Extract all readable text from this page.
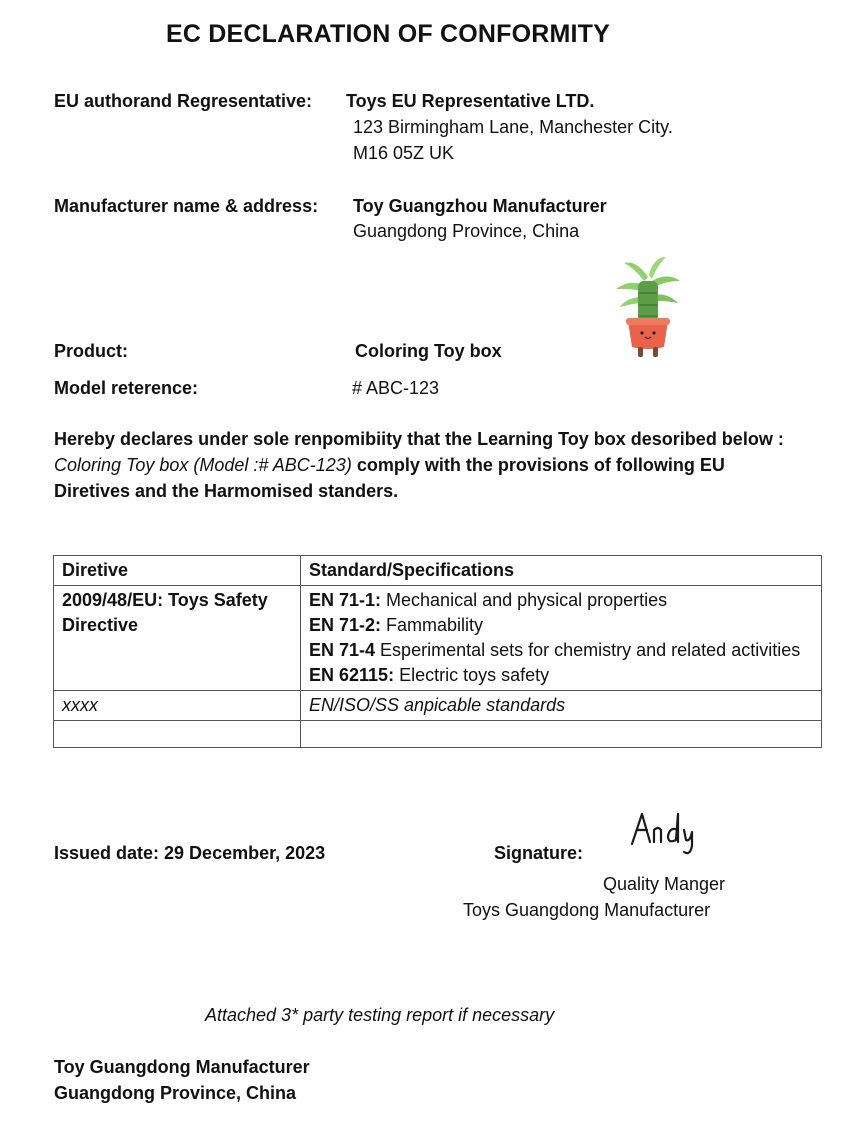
EC DECLARATION OF CONFORMITY
EU authorand Regresentative: Toys EU Representative LTD.
123 Birmingham Lane, Manchester City.
M16 05Z UK
Manufacturer name & address: Toy Guangzhou Manufacturer
Guangdong Province, China
Product:	Coloring Toy box
Model reterence:	# ABC-123
Hereby declares under sole renpomibiity that the Learning Toy box desoribed below : Coloring Toy box (Model :# ABC-123) comply with the provisions of following EU Diretives and the Harmomised standers.
Diretive	Standard/Specifications
2009/48/EU: Toys Safety Directive	EN 71-1: Mechanical and physical properties
EN 71-2: Fammability
EN 71-4 Esperimental sets for chemistry and related activities
EN 62115: Electric toys safety

xxxx	EN/ISO/SS anpicable standards

Issued date: 29 December, 2023	Signature:
Quality Manger
Toys Guangdong Manufacturer
Attached 3* party testing report if necessary
Toy Guangdong Manufacturer
Guangdong Province, China
